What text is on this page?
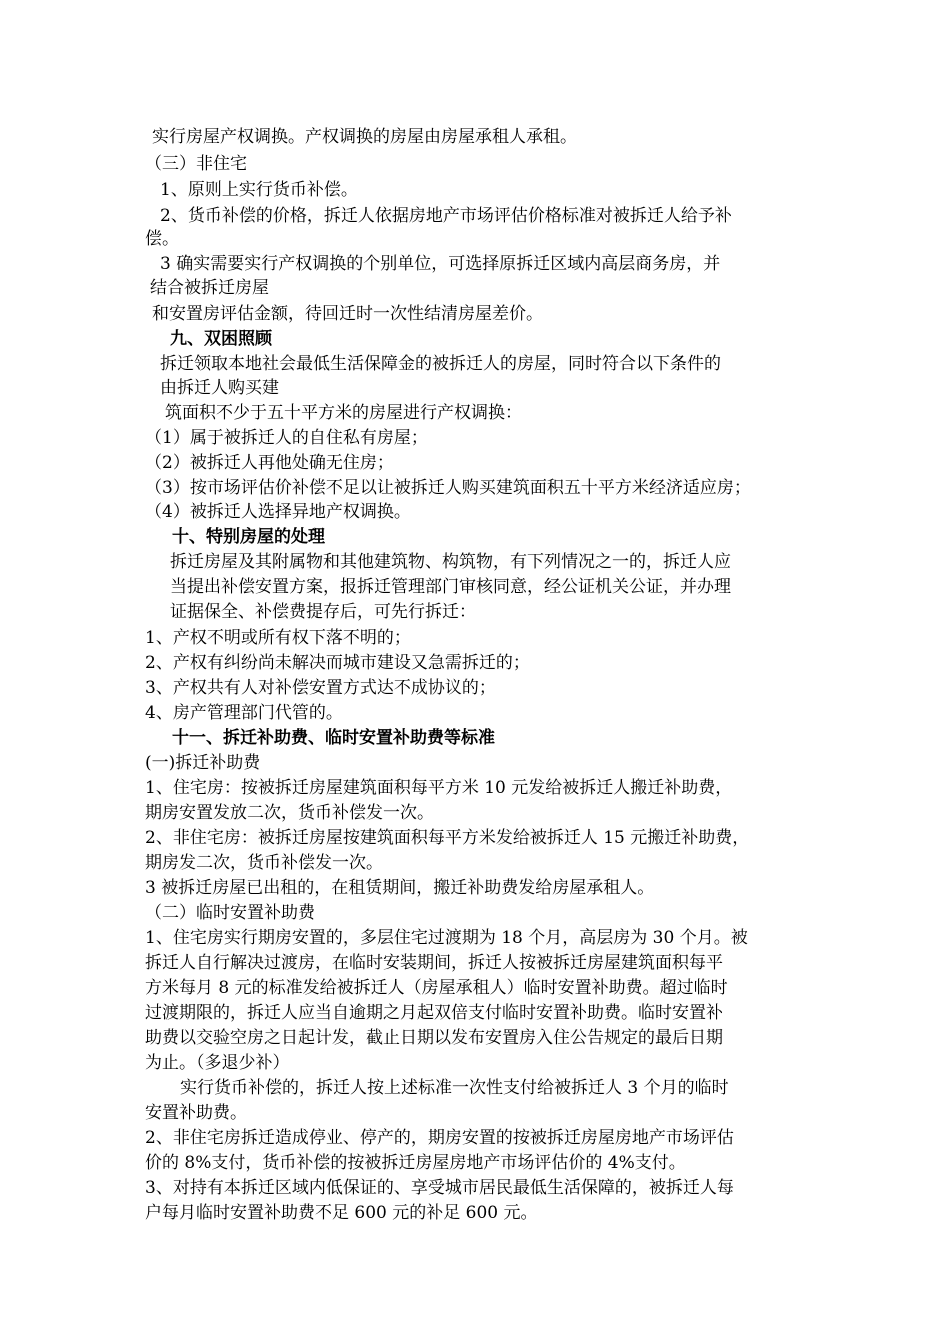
实行房屋产权调换。产权调换的房屋由房屋承租人承租。
（三）非住宅
1、原则上实行货币补偿。
2、货币补偿的价格，拆迁人依据房地产市场评估价格标准对被拆迁人给予补
偿。
3 确实需要实行产权调换的个别单位，可选择原拆迁区域内高层商务房，并
结合被拆迁房屋
和安置房评估金额，待回迁时一次性结清房屋差价。
九、双困照顾
拆迁领取本地社会最低生活保障金的被拆迁人的房屋，同时符合以下条件的
由拆迁人购买建
筑面积不少于五十平方米的房屋进行产权调换：
（1）属于被拆迁人的自住私有房屋；
（2）被拆迁人再他处确无住房；
（3）按市场评估价补偿不足以让被拆迁人购买建筑面积五十平方米经济适应房；
（4）被拆迁人选择异地产权调换。
十、特别房屋的处理
拆迁房屋及其附属物和其他建筑物、构筑物，有下列情况之一的，拆迁人应
当提出补偿安置方案，报拆迁管理部门审核同意，经公证机关公证，并办理
证据保全、补偿费提存后，可先行拆迁：
1、产权不明或所有权下落不明的；
2、产权有纠纷尚未解决而城市建设又急需拆迁的；
3、产权共有人对补偿安置方式达不成协议的；
4、房产管理部门代管的。
十一、拆迁补助费、临时安置补助费等标准
(一)拆迁补助费
1、住宅房：按被拆迁房屋建筑面积每平方米 10 元发给被拆迁人搬迁补助费，
期房安置发放二次，货币补偿发一次。
2、非住宅房：被拆迁房屋按建筑面积每平方米发给被拆迁人 15 元搬迁补助费，
期房发二次，货币补偿发一次。
3 被拆迁房屋已出租的，在租赁期间，搬迁补助费发给房屋承租人。
（二）临时安置补助费
1、住宅房实行期房安置的，多层住宅过渡期为 18 个月，高层房为 30 个月。被
拆迁人自行解决过渡房，在临时安装期间，拆迁人按被拆迁房屋建筑面积每平
方米每月 8 元的标准发给被拆迁人（房屋承租人）临时安置补助费。超过临时
过渡期限的，拆迁人应当自逾期之月起双倍支付临时安置补助费。临时安置补
助费以交验空房之日起计发，截止日期以发布安置房入住公告规定的最后日期
为止。（多退少补）
实行货币补偿的，拆迁人按上述标准一次性支付给被拆迁人 3 个月的临时
安置补助费。
2、非住宅房拆迁造成停业、停产的，期房安置的按被拆迁房屋房地产市场评估
价的 8%支付，货币补偿的按被拆迁房屋房地产市场评估价的 4%支付。
3、对持有本拆迁区域内低保证的、享受城市居民最低生活保障的，被拆迁人每
户每月临时安置补助费不足 600 元的补足 600 元。
